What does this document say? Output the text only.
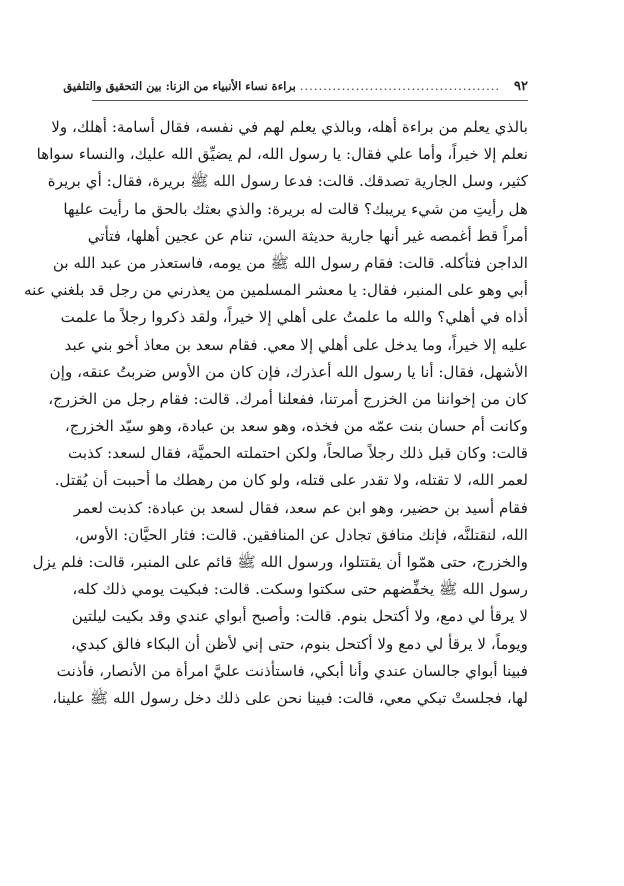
٩٢
...........................................
براءة نساء الأنبياء من الزنا: بين التحقيق والتلفيق
بالذي يعلم من براءة أهله، وبالذي يعلم لهم في نفسه، فقال أسامة: أهلك، ولا
نعلم إلا خيراً، وأما علي فقال: يا رسول الله، لم يضيِّق الله عليك، والنساء سواها
كثير، وسل الجارية تصدقك. قالت: فدعا رسول الله ﷺ بريرة، فقال: أي بريرة
هل رأيتِ من شيء يريبك؟ قالت له بريرة: والذي بعثك بالحق ما رأيت عليها
أمراً قط أغمصه غير أنها جارية حديثة السن، تنام عن عجين أهلها، فتأتي
الداجن فتأكله. قالت: فقام رسول الله ﷺ من يومه، فاستعذر من عبد الله بن
أبي وهو على المنبر، فقال: يا معشر المسلمين من يعذرني من رجل قد بلغني عنه
أذاه في أهلي؟ والله ما علمتُ على أهلي إلا خيراً، ولقد ذكروا رجلاً ما علمت
عليه إلا خيراً، وما يدخل على أهلي إلا معي. فقام سعد بن معاذ أخو بني عبد
الأشهل، فقال: أنا يا رسول الله أعذرك، فإن كان من الأوس ضربتُ عنقه، وإن
كان من إخواننا من الخزرج أمرتنا، ففعلنا أمرك. قالت: فقام رجل من الخزرج،
وكانت أم حسان بنت عمّه من فخذه، وهو سعد بن عبادة، وهو سيّد الخزرج،
قالت: وكان قبل ذلك رجلاً صالحاً، ولكن احتملته الحميَّة، فقال لسعد: كذبت
لعمر الله، لا تقتله، ولا تقدر على قتله، ولو كان من رهطك ما أحببت أن يُقتل.
فقام أسيد بن حضير، وهو ابن عم سعد، فقال لسعد بن عبادة: كذبت لعمر
الله، لنقتلنَّه، فإنك منافق تجادل عن المنافقين. قالت: فثار الحيَّان: الأوس،
والخزرج، حتى همّوا أن يقتتلوا، ورسول الله ﷺ قائم على المنبر، قالت: فلم يزل
رسول الله ﷺ يخفِّضهم حتى سكتوا وسكت. قالت: فبكيت يومي ذلك كله،
لا يرقأ لي دمع، ولا أكتحل بنوم. قالت: وأصبح أبواي عندي وقد بكيت ليلتين
ويوماً، لا يرقأ لي دمع ولا أكتحل بنوم، حتى إني لأظن أن البكاء فالق كبدي،
فبينا أبواي جالسان عندي وأنا أبكي، فاستأذنت عليَّ امرأة من الأنصار، فأذنت
لها، فجلستْ تبكي معي، قالت: فبينا نحن على ذلك دخل رسول الله ﷺ علينا،
